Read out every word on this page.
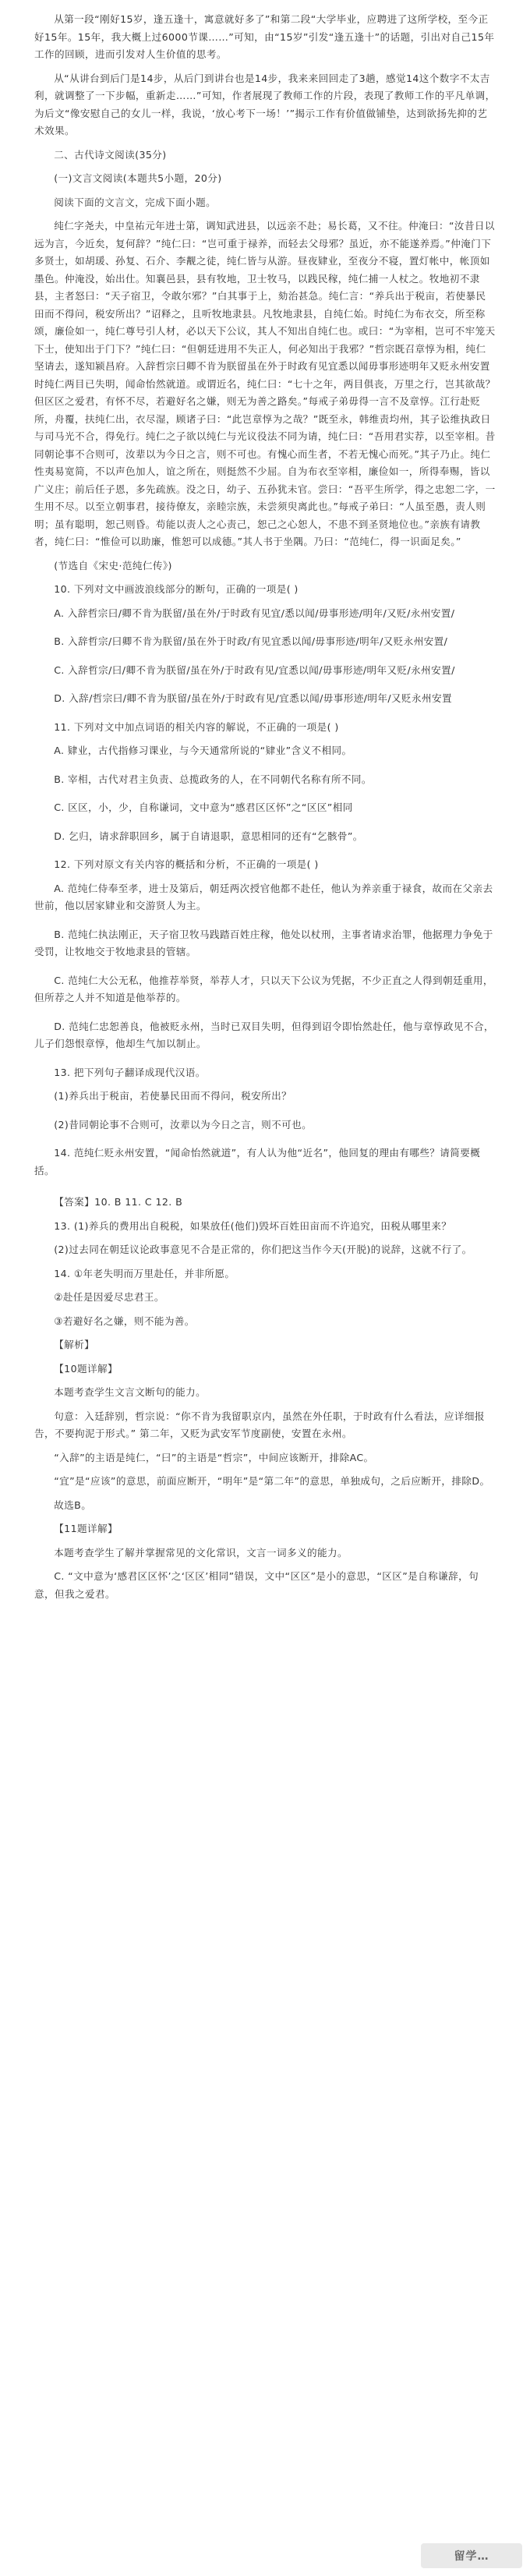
从第一段“刚好15岁，逢五逢十，寓意就好多了”和第二段“大学毕业，应聘进了这所学校，至今正好15年。15年，我大概上过6000节课……”可知，由“15岁”引发“逢五逢十”的话题，引出对自己15年工作的回顾，进而引发对人生价值的思考。

从“从讲台到后门是14步，从后门到讲台也是14步，我来来回回走了3趟，感觉14这个数字不太吉利，就调整了一下步幅，重新走……”可知，作者展现了教师工作的片段，表现了教师工作的平凡单调，为后文“像安慰自己的女儿一样，我说，‘放心考下一场！’”揭示工作有价值做铺垫，达到欲扬先抑的艺术效果。

二、古代诗文阅读(35分)

(一)文言文阅读(本题共5小题，20分)

阅读下面的文言文，完成下面小题。

纯仁字尧夫，中皇祐元年进士第，调知武进县，以远亲不赴；易长葛，又不往。仲淹曰：“汝昔日以远为言，今近矣，复何辞？”纯仁曰：“岂可重于禄养，而轻去父母邪？虽近，亦不能遂养焉。”仲淹门下多贤士，如胡瑗、孙复、石介、李觏之徒，纯仁皆与从游。昼夜肄业，至夜分不寝，置灯帐中，帐顶如墨色。仲淹没，始出仕。知襄邑县，县有牧地，卫士牧马，以践民稼，纯仁捕一人杖之。牧地初不隶县，主者怒曰：“天子宿卫，令敢尔邪？”白其事于上，劾治甚急。纯仁言：“养兵出于税亩，若使暴民田而不得问，税安所出？”诏释之，且听牧地隶县。凡牧地隶县，自纯仁始。时纯仁为布衣交，所至称颂，廉俭如一，纯仁尊号引人材，必以天下公议，其人不知出自纯仁也。或曰：“为宰相，岂可不牢笼天下士，使知出于门下？”纯仁曰：“但朝廷进用不失正人，何必知出于我邪？”哲宗既召章惇为相，纯仁坚请去，遂知颍昌府。入辞哲宗曰卿不肯为朕留虽在外于时政有见宜悉以闻毋事形迹明年又贬永州安置时纯仁两目已失明，闻命怡然就道。或谓近名，纯仁曰：“七十之年，两目俱丧，万里之行，岂其欲哉？但区区之爱君，有怀不尽，若避好名之嫌，则无为善之路矣。”每戒子弟毋得一言不及章惇。江行赴贬所，舟覆，扶纯仁出，衣尽湿，顾诸子曰：“此岂章惇为之哉？”既至永，韩维责均州，其子讼维执政日与司马光不合，得免行。纯仁之子欲以纯仁与光议役法不同为请，纯仁曰：“吾用君实荐，以至宰相。昔同朝论事不合则可，汝辈以为今日之言，则不可也。有愧心而生者，不若无愧心而死。”其子乃止。纯仁性夷易宽简，不以声色加人，谊之所在，则挺然不少屈。自为布衣至宰相，廉俭如一，所得奉赐，皆以广义庄；前后任子恩，多先疏族。没之日，幼子、五孙犹未官。尝曰：“吾平生所学，得之忠恕二字，一生用不尽。以至立朝事君，接待僚友，亲睦宗族，未尝须臾离此也。”每戒子弟曰：“人虽至愚，责人则明；虽有聪明，恕己则昏。苟能以责人之心责己，恕己之心恕人，不患不到圣贤地位也。”亲族有请教者，纯仁曰：“惟俭可以助廉，惟恕可以成德。”其人书于坐隅。乃曰：“范纯仁，得一识面足矣。”

(节选自《宋史·范纯仁传》)

10. 下列对文中画波浪线部分的断句，正确的一项是( )

A. 入辞哲宗曰/卿不肯为朕留/虽在外/于时政有见宜/悉以闻/毋事形迹/明年/又贬/永州安置/

B. 入辞哲宗/曰卿不肯为朕留/虽在外于时政/有见宜悉以闻/毋事形迹/明年/又贬永州安置/

C. 入辞哲宗/曰/卿不肯为朕留/虽在外/于时政有见/宜悉以闻/毋事形迹/明年又贬/永州安置/

D. 入辞/哲宗曰/卿不肯为朕留/虽在外/于时政有见/宜悉以闻/毋事形迹/明年/又贬永州安置

11. 下列对文中加点词语的相关内容的解说，不正确的一项是( )

A. 肄业，古代指修习课业，与今天通常所说的“肄业”含义不相同。

B. 宰相，古代对君主负责、总揽政务的人，在不同朝代名称有所不同。

C. 区区，小，少，自称谦词，文中意为“感君区区怀”之“区区”相同

D. 乞归，请求辞职回乡，属于自请退职，意思相同的还有“乞骸骨”。

12. 下列对原文有关内容的概括和分析，不正确的一项是( )

A. 范纯仁侍奉至孝，进士及第后，朝廷两次授官他都不赴任，他认为养亲重于禄食，故而在父亲去世前，他以居家肄业和交游贤人为主。

B. 范纯仁执法刚正，天子宿卫牧马践踏百姓庄稼，他处以杖刑，主事者请求治罪，他据理力争免于受罚，让牧地交于牧地隶县的管辖。

C. 范纯仁大公无私，他推荐举贤，举荐人才，只以天下公议为凭据，不少正直之人得到朝廷重用，但所荐之人并不知道是他举荐的。

D. 范纯仁忠恕善良，他被贬永州，当时已双目失明，但得到诏令即怡然赴任，他与章惇政见不合，儿子们怨恨章惇，他却生气加以制止。

13. 把下列句子翻译成现代汉语。

(1)养兵出于税亩，若使暴民田而不得问，税安所出？

(2)昔同朝论事不合则可，汝辈以为今日之言，则不可也。

14. 范纯仁贬永州安置，“闻命怡然就道”，有人认为他“近名”，他回复的理由有哪些？请简要概括。

【答案】10. B 11. C 12. B

13. (1)养兵的费用出自税税，如果放任(他们)毁坏百姓田亩而不许追究，田税从哪里来？

(2)过去同在朝廷议论政事意见不合是正常的，你们把这当作今天(开脱)的说辞，这就不行了。

14. ①年老失明而万里赴任，并非所愿。

②赴任是因爱尽忠君王。

③若避好名之嫌，则不能为善。

【解析】

【10题详解】

本题考查学生文言文断句的能力。

句意：入廷辞别，哲宗说：“你不肯为我留职京内，虽然在外任职，于时政有什么看法，应详细报告，不要拘泥于形式。” 第二年，又贬为武安军节度副使，安置在永州。

“入辞”的主语是纯仁，“曰”的主语是“哲宗”，中间应该断开，排除AC。

“宜”是“应该”的意思，前面应断开，“明年”是“第二年”的意思，单独成句，之后应断开，排除D。

故选B。

【11题详解】

本题考查学生了解并掌握常见的文化常识，文言一词多义的能力。

C. “文中意为‘感君区区怀’之‘区区’相同”错误，文中“区区”是小的意思，“区区”是自称谦辞，句意，但我之爱君。

留学…
